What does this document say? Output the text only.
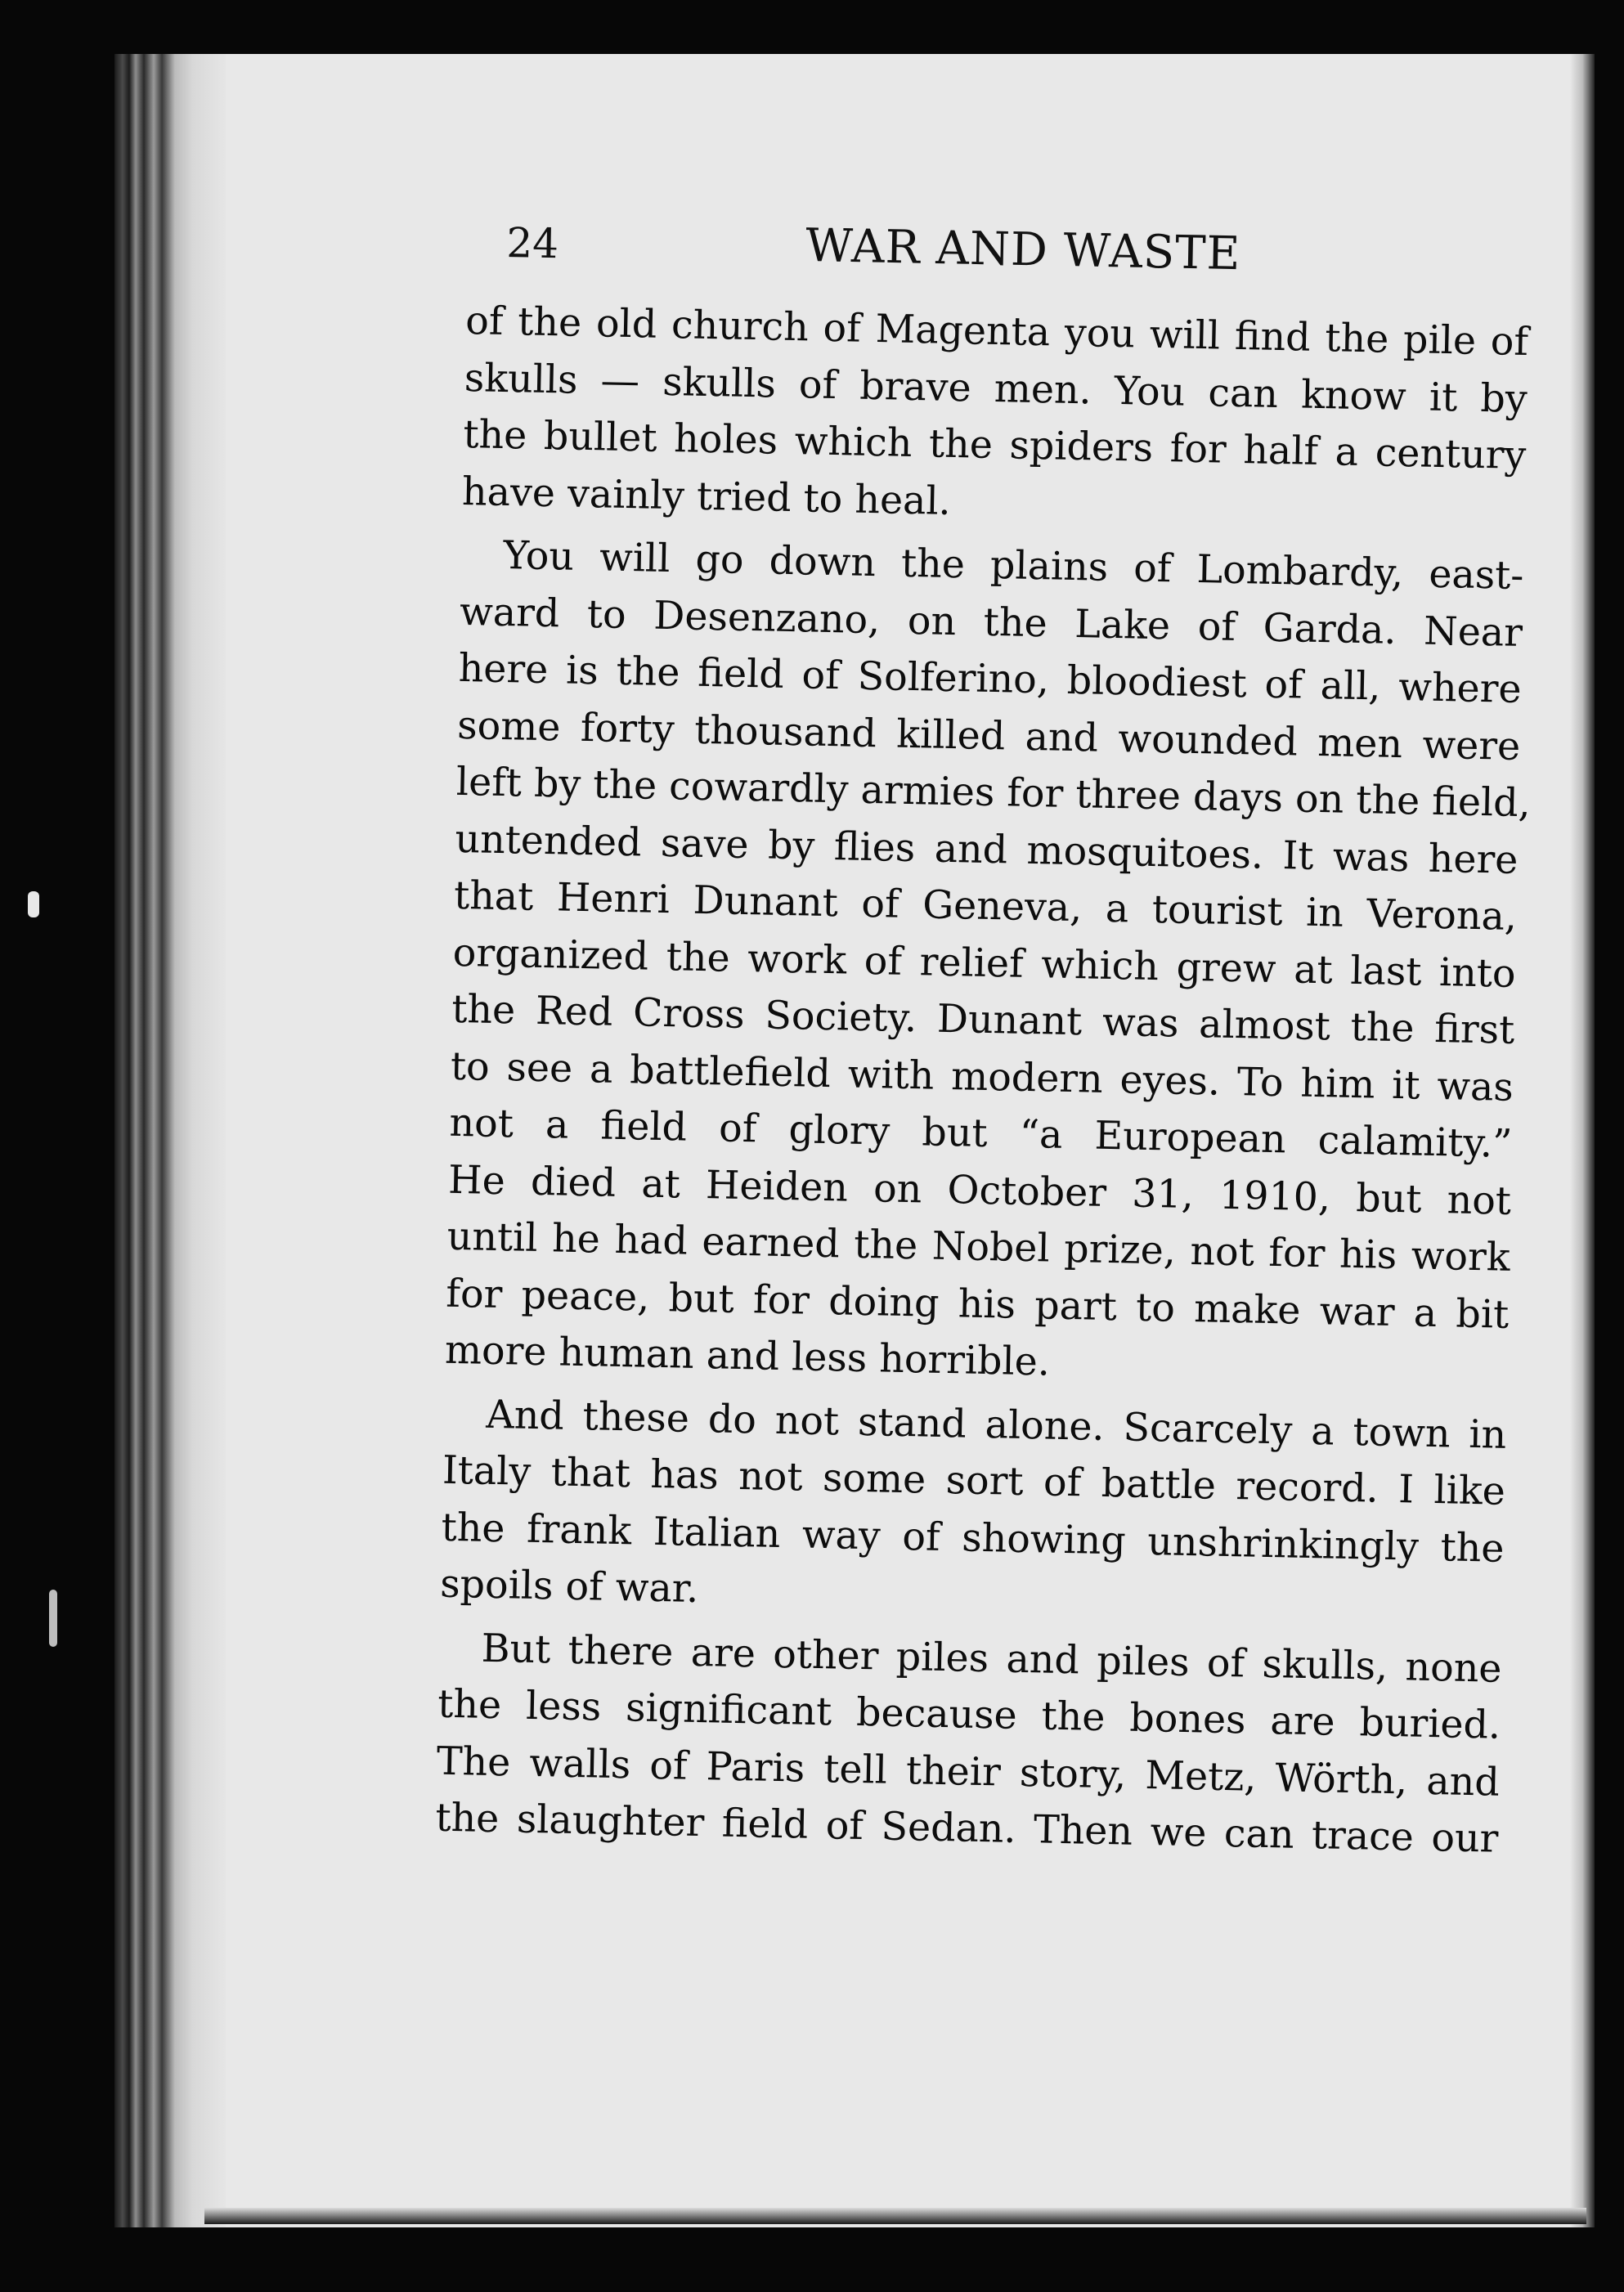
24	WAR AND WASTE
of the old church of Magenta you will find the pile of
skulls — skulls of brave men. You can know it by
the bullet holes which the spiders for half a century
have vainly tried to heal.
You will go down the plains of Lombardy, east-
ward to Desenzano, on the Lake of Garda. Near
here is the field of Solferino, bloodiest of all, where
some forty thousand killed and wounded men were
left by the cowardly armies for three days on the field,
untended save by flies and mosquitoes. It was here
that Henri Dunant of Geneva, a tourist in Verona,
organized the work of relief which grew at last into
the Red Cross Society. Dunant was almost the first
to see a battlefield with modern eyes. To him it was
not a field of glory but “a European calamity.”
He died at Heiden on October 31, 1910, but not
until he had earned the Nobel prize, not for his work
for peace, but for doing his part to make war a bit
more human and less horrible.
And these do not stand alone. Scarcely a town in
Italy that has not some sort of battle record. I like
the frank Italian way of showing unshrinkingly the
spoils of war.
But there are other piles and piles of skulls, none
the less significant because the bones are buried.
The walls of Paris tell their story, Metz, Wörth, and
the slaughter field of Sedan. Then we can trace our
